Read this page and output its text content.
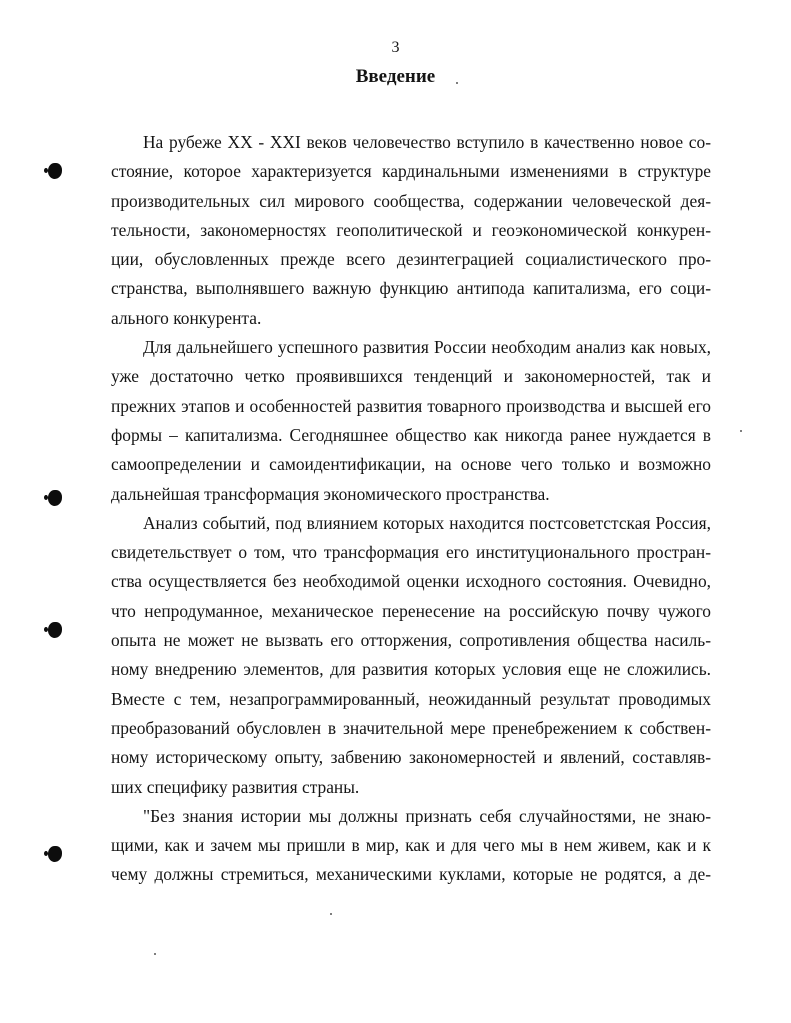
3
Введение
На рубеже XX - XXI веков человечество вступило в качественно новое со-
стояние, которое характеризуется кардинальными изменениями в структуре
производительных сил мирового сообщества, содержании человеческой дея-
тельности, закономерностях геополитической и геоэкономической конкурен-
ции, обусловленных прежде всего дезинтеграцией социалистического про-
странства, выполнявшего важную функцию антипода капитализма, его соци-
ального конкурента.
Для дальнейшего успешного развития России необходим анализ как новых,
уже достаточно четко проявившихся тенденций и закономерностей, так и
прежних этапов и особенностей развития товарного производства и высшей его
формы – капитализма. Сегодняшнее общество как никогда ранее нуждается в
самоопределении и самоидентификации, на основе чего только и возможно
дальнейшая трансформация экономического пространства.
Анализ событий, под влиянием которых находится постсоветстская Россия,
свидетельствует о том, что трансформация его институционального простран-
ства осуществляется без необходимой оценки исходного состояния. Очевидно,
что непродуманное, механическое перенесение на российскую почву чужого
опыта не может не вызвать его отторжения, сопротивления общества насиль-
ному внедрению элементов, для развития которых условия еще не сложились.
Вместе с тем, незапрограммированный, неожиданный результат проводимых
преобразований обусловлен в значительной мере пренебрежением к собствен-
ному историческому опыту, забвению закономерностей и явлений, составляв-
ших специфику развития страны.
"Без знания истории мы должны признать себя случайностями, не знаю-
щими, как и зачем мы пришли в мир, как и для чего мы в нем живем, как и к
чему должны стремиться, механическими куклами, которые не родятся, а де-
